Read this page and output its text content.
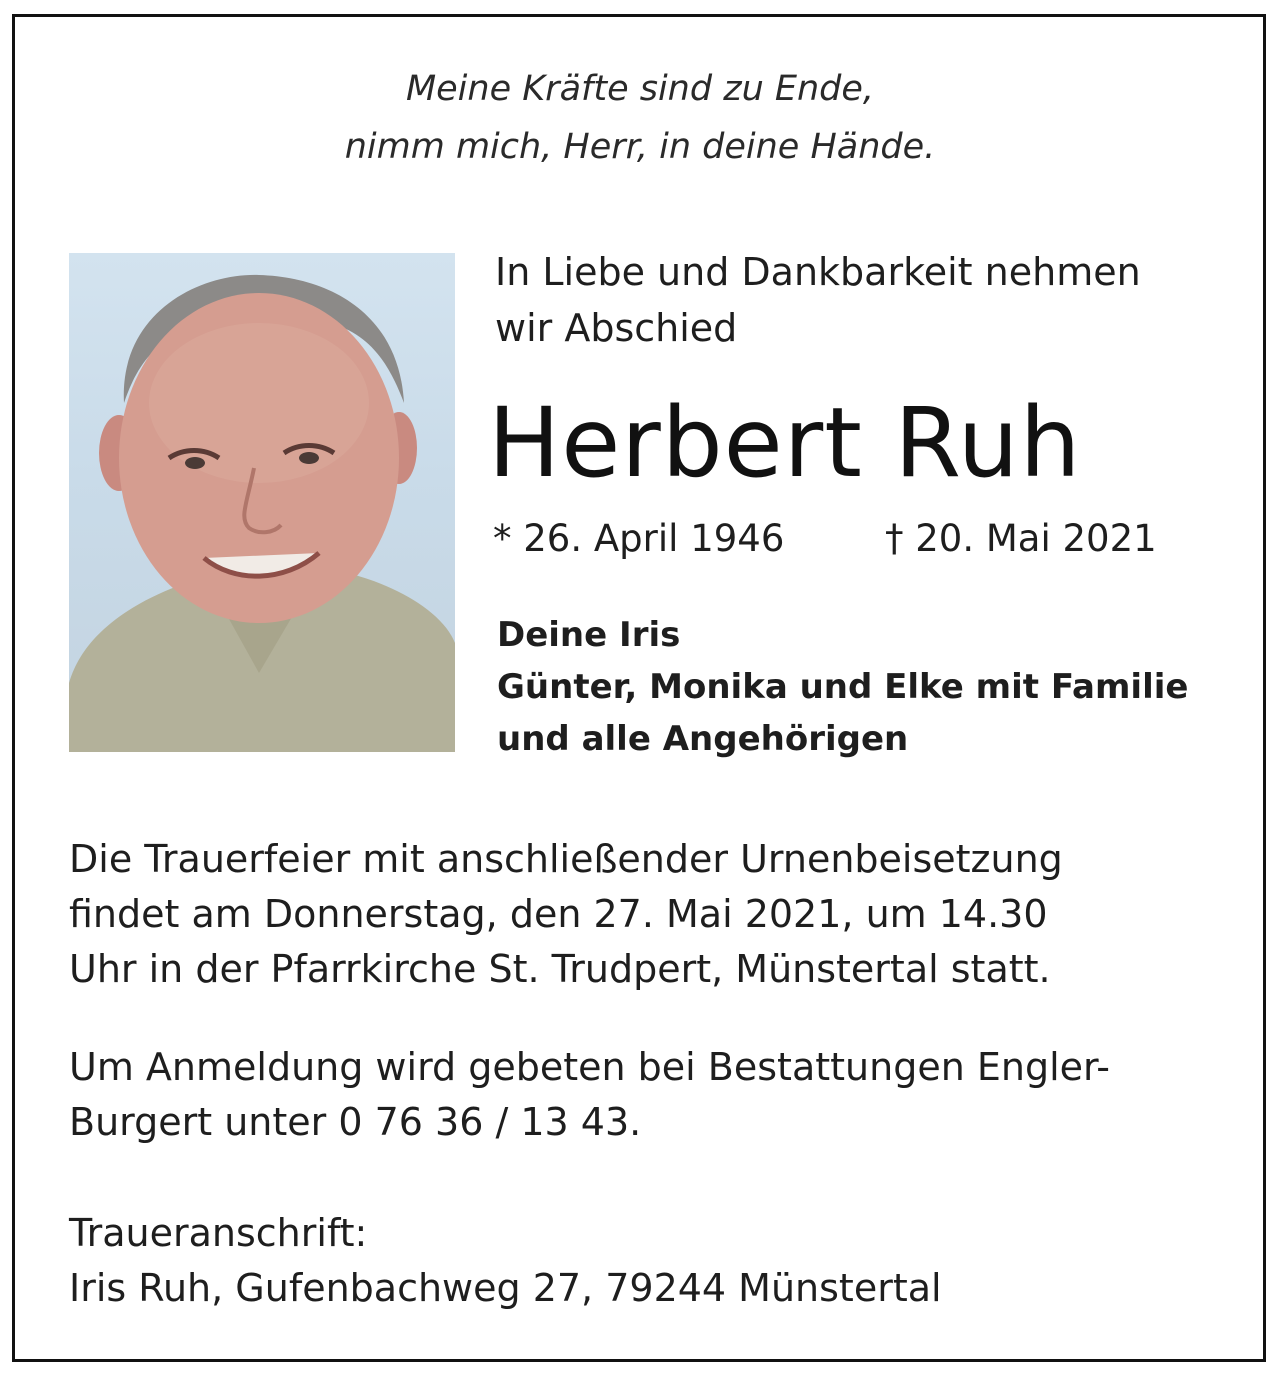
Meine Kräfte sind zu Ende,
nimm mich, Herr, in deine Hände.
In Liebe und Dankbarkeit nehmen
wir Abschied
Herbert Ruh
* 26. April 1946	† 20. Mai 2021
Deine Iris
Günter, Monika und Elke mit Familie
und alle Angehörigen
Die Trauerfeier mit anschließender Urnenbeisetzung
findet am Donnerstag, den 27. Mai 2021, um 14.30
Uhr in der Pfarrkirche St. Trudpert, Münstertal statt.
Um Anmeldung wird gebeten bei Bestattungen Engler-
Burgert unter 0 76 36 / 13 43.
Traueranschrift:
Iris Ruh, Gufenbachweg 27, 79244 Münstertal
